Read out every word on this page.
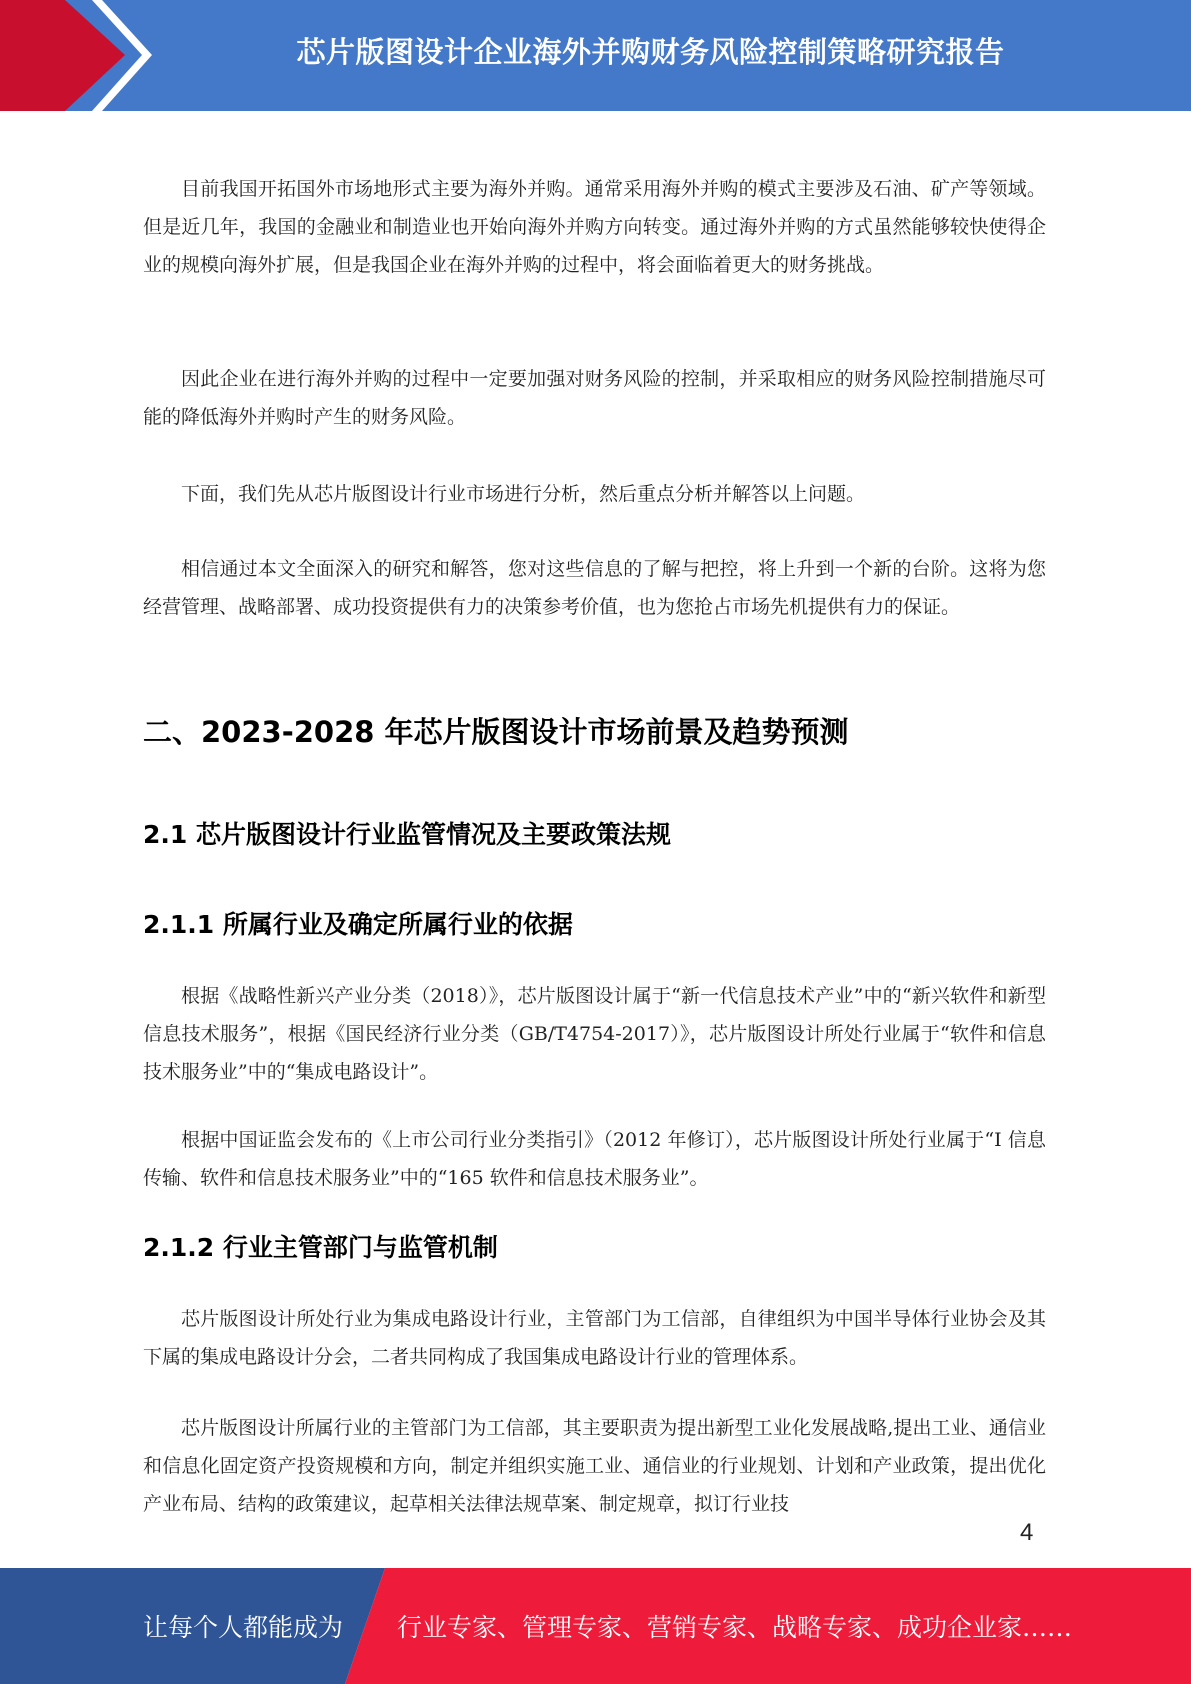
芯片版图设计企业海外并购财务风险控制策略研究报告

目前我国开拓国外市场地形式主要为海外并购。通常采用海外并购的模式主要涉及石油、矿产等领域。但是近几年，我国的金融业和制造业也开始向海外并购方向转变。通过海外并购的方式虽然能够较快使得企业的规模向海外扩展，但是我国企业在海外并购的过程中，将会面临着更大的财务挑战。

因此企业在进行海外并购的过程中一定要加强对财务风险的控制，并采取相应的财务风险控制措施尽可能的降低海外并购时产生的财务风险。

下面，我们先从芯片版图设计行业市场进行分析，然后重点分析并解答以上问题。

相信通过本文全面深入的研究和解答，您对这些信息的了解与把控，将上升到一个新的台阶。这将为您经营管理、战略部署、成功投资提供有力的决策参考价值，也为您抢占市场先机提供有力的保证。

二、2023-2028 年芯片版图设计市场前景及趋势预测
2.1 芯片版图设计行业监管情况及主要政策法规
2.1.1 所属行业及确定所属行业的依据

根据《战略性新兴产业分类（2018）》，芯片版图设计属于“新一代信息技术产业”中的“新兴软件和新型信息技术服务”，根据《国民经济行业分类（GB/T4754-2017）》，芯片版图设计所处行业属于“软件和信息技术服务业”中的“集成电路设计”。

根据中国证监会发布的《上市公司行业分类指引》（2012 年修订），芯片版图设计所处行业属于“I 信息传输、软件和信息技术服务业”中的“165 软件和信息技术服务业”。

2.1.2 行业主管部门与监管机制

芯片版图设计所处行业为集成电路设计行业，主管部门为工信部，自律组织为中国半导体行业协会及其下属的集成电路设计分会，二者共同构成了我国集成电路设计行业的管理体系。

芯片版图设计所属行业的主管部门为工信部，其主要职责为提出新型工业化发展战略,提出工业、通信业和信息化固定资产投资规模和方向，制定并组织实施工业、通信业的行业规划、计划和产业政策，提出优化产业布局、结构的政策建议，起草相关法律法规草案、制定规章，拟订行业技

4
让每个人都能成为 行业专家、管理专家、营销专家、战略专家、成功企业家……
